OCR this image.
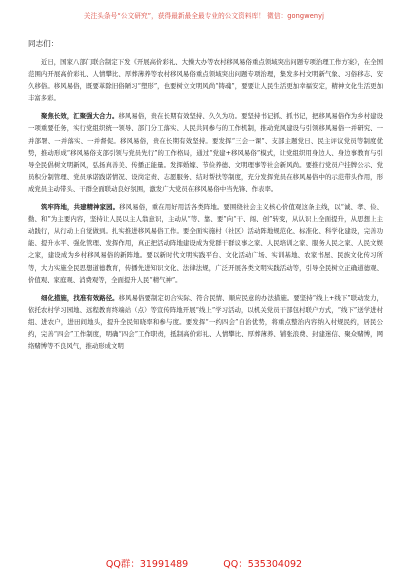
关注头条号“公文研究”，获得最新最全最专业的公文资料库！ 微信：gongwenyj
同志们：

近日，国家八部门联合制定下发《开展高价彩礼、大操大办等农村移风易俗重点领域突出问题专项治理工作方案》，在全国范围内开展高价彩礼、人情攀比、厚葬薄养等农村移风易俗重点领域突出问题专项治理，集发多村文明新气象、习俗移志、安久移俗。移风易俗，既要革除旧俗陋习“塑形”，也要树立文明风尚“铸魂”，要要让人民生活更加幸福安定，精神文化生活更加丰富多彩。

聚焦长效，汇聚强大合力。移风易俗，贵在长期有效坚持、久久为功。要坚持书记抓、抓书记，把移风易俗作为乡村建设一项重要任务，实行党组织统一领导、部门分工落实、人民共同参与的工作机制，推动党风建设与引领移风易俗一并研究、一并部署、一并落实、一并督促。移风易俗，贵在长期有效坚持。要发挥“三会一课”、支部主题党日、民主评议党员等制度优势，推动形成“移风易俗支部引领与党员先行”的工作格局，通过“党建+移风易俗”模式，让党组织用身边人、身边事教育与引导全民倡树文明新风，弘扬真善美、传播正能量。发挥婚嫁、节俭养德、文明理事等社会新风尚。要推行党员户挂牌公示、党员积分制管理、党员承诺践诺情况、设岗定责、志愿服务、结对帮扶等制度，充分发挥党员在移风易俗中的示范带头作用，形成党员主动带头、干群全面联动良好氛围，激发广大党员在移风易俗中当先锋、作表率。

筑牢阵地，共建精神家园。移风易俗，重在用好用活各类阵地。要围绕社会主义核心价值观这条主线，以“诚、孝、俭、勤、和”为主要内容，坚持让人民以主人翁意识，主动从“等、靠、要”向“干、闯、创”转变，从认识上全面提升，从思想上主动践行，从行动上自觉做到。扎实推进移风易俗工作。要全面实施村（社区）活动阵地规范化、标准化、科学化建设，完善功能、提升水平、强化管理、发挥作用，真正把活动阵地建设成为党群干群议事之家、人民培训之家、服务人民之家、人民文娱之家，建设成为乡村移风易俗的新阵地。要以新时代文明实践平台、文化活动广场、实训基地、农家书屋、民族文化传习所等，大力实施全民思想道德教育，传播先进知识文化、法律法规，广泛开展各类文明实践活动等，引导全民树立正确道德观、价值观、家庭观、消费观等，全面提升人民“精气神”。

细化措施，找准有效路径。移风易俗要制定切合实际、符合民情、顺应民意的办法措施。要坚持“线上+线下”联动发力，依托农村学习园地、远程教育终端站（点）等宣传阵地开展“线上”学习活动，以机关党员干部包村联户方式，“线下”送学进村组、进农户，进田间地头，提升全民知晓率和参与度。要发挥“一约四会”自治优势，将重点整治内容纳入村规民约，居民公约，完善“四会”工作制度，明确“四会”工作职责，抵制高价彩礼、人情攀比、厚葬薄养、铺张浪费、封建迷信、聚众赌博，网络赌博等不良风气，推动形成文明

QQ群：31991489	QQ：535304092
